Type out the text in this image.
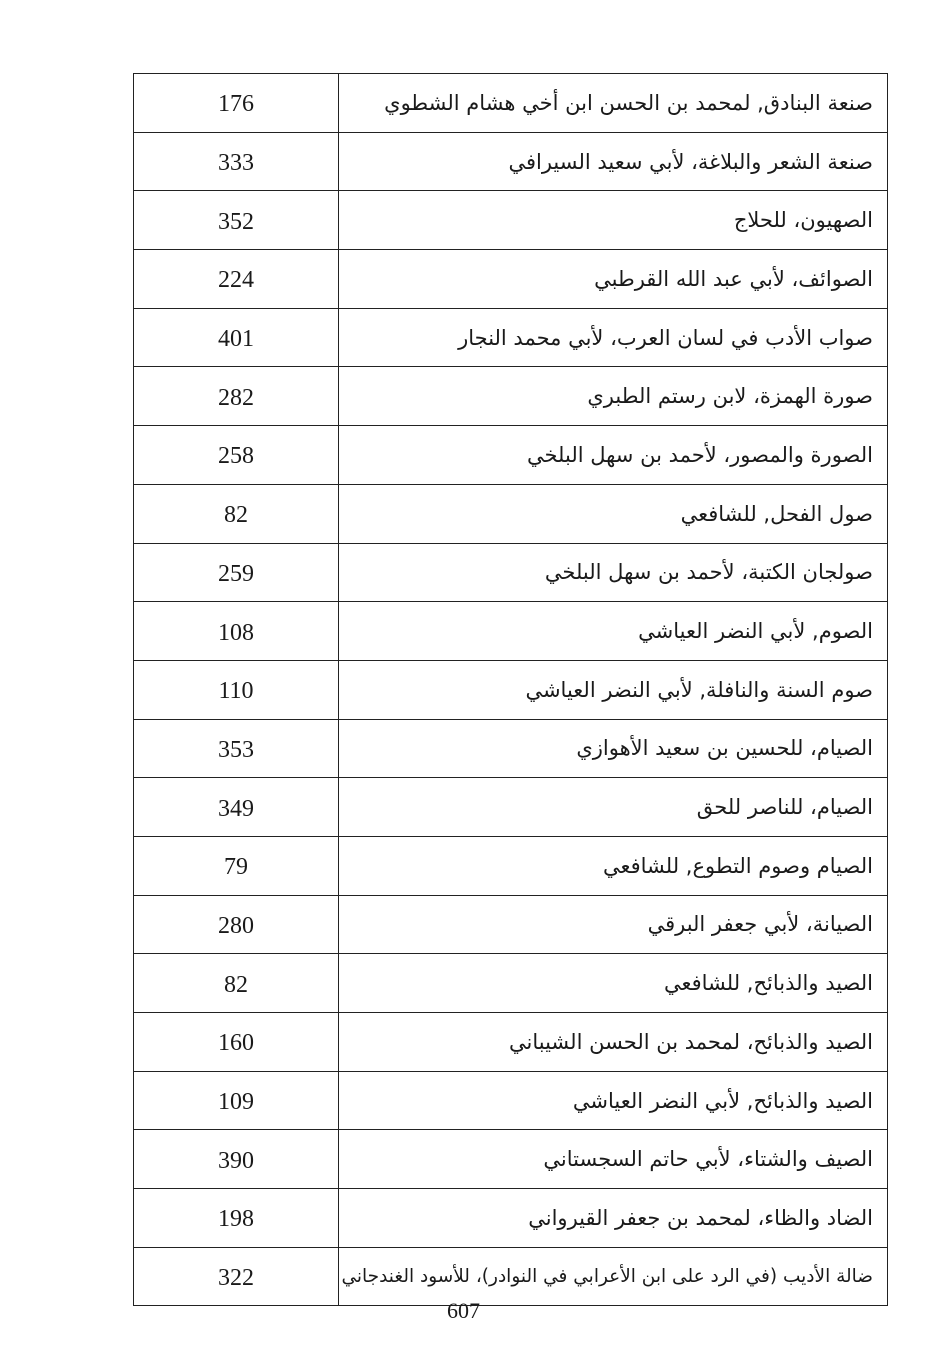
176	صنعة البنادق, لمحمد بن الحسن ابن أخي هشام الشطوي
333	صنعة الشعر والبلاغة، لأبي سعيد السيرافي
352	الصهيون، للحلاج
224	الصوائف، لأبي عبد الله القرطبي
401	صواب الأدب في لسان العرب، لأبي محمد النجار
282	صورة الهمزة، لابن رستم الطبري
258	الصورة والمصور، لأحمد بن سهل البلخي
82	صول الفحل, للشافعي
259	صولجان الكتبة، لأحمد بن سهل البلخي
108	الصوم, لأبي النضر العياشي
110	صوم السنة والنافلة, لأبي النضر العياشي
353	الصيام، للحسين بن سعيد الأهوازي
349	الصيام، للناصر للحق
79	الصيام وصوم التطوع, للشافعي
280	الصيانة، لأبي جعفر البرقي
82	الصيد والذبائح, للشافعي
160	الصيد والذبائح، لمحمد بن الحسن الشيباني
109	الصيد والذبائح, لأبي النضر العياشي
390	الصيف والشتاء، لأبي حاتم السجستاني
198	الضاد والظاء، لمحمد بن جعفر القيرواني
322	ضالة الأديب (في الرد على ابن الأعرابي في النوادر)، للأسود الغندجاني
607
